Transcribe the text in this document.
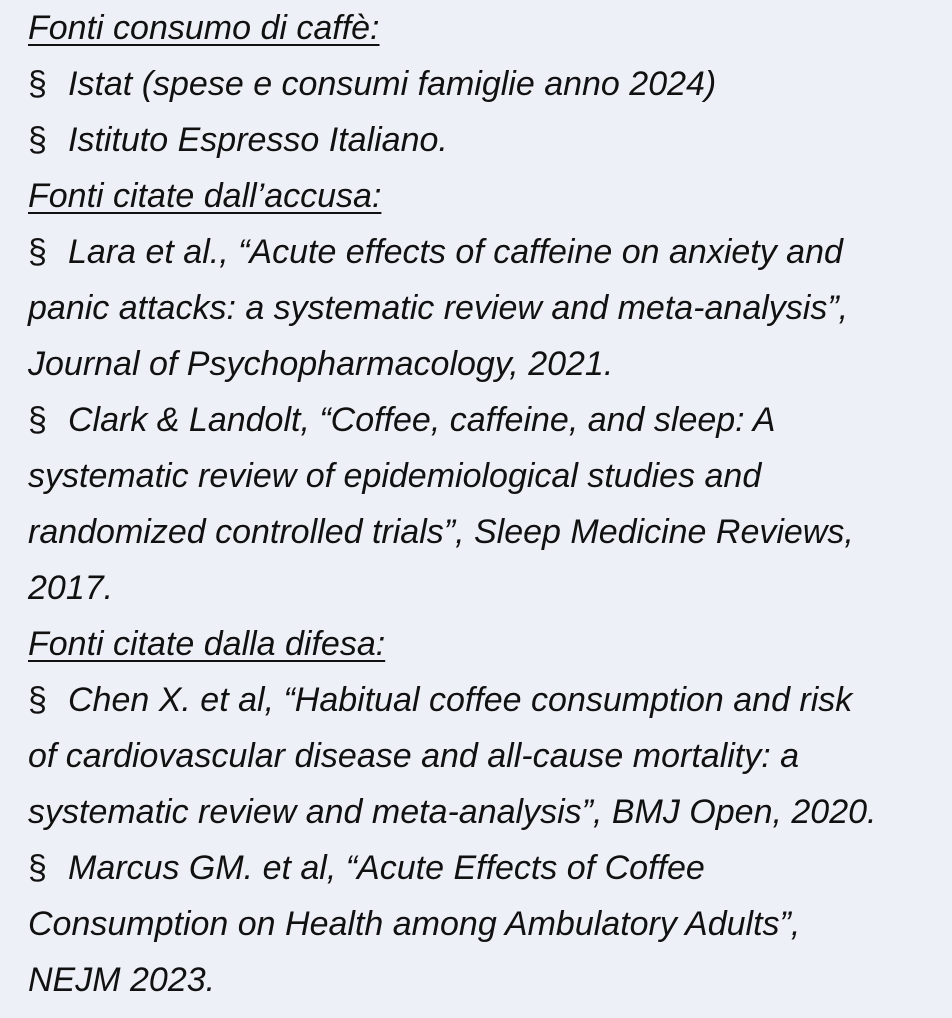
Fonti consumo di caffè:
§ Istat (spese e consumi famiglie anno 2024)
§ Istituto Espresso Italiano.
Fonti citate dall’accusa:
§ Lara et al., “Acute effects of caffeine on anxiety and
panic attacks: a systematic review and meta-analysis”,
Journal of Psychopharmacology, 2021.
§ Clark & Landolt, “Coffee, caffeine, and sleep: A
systematic review of epidemiological studies and
randomized controlled trials”, Sleep Medicine Reviews,
2017.
Fonti citate dalla difesa:
§ Chen X. et al, “Habitual coffee consumption and risk
of cardiovascular disease and all-cause mortality: a
systematic review and meta-analysis”, BMJ Open, 2020.
§ Marcus GM. et al, “Acute Effects of Coffee
Consumption on Health among Ambulatory Adults”,
NEJM 2023.
